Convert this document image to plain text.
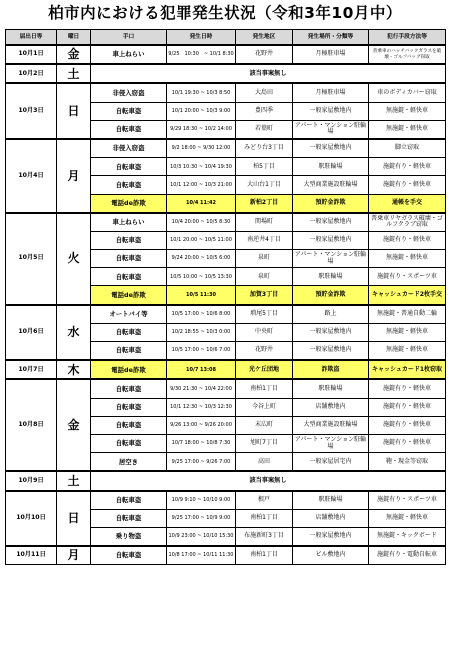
柏市内における犯罪発生状況（令和3年10月中）
届出日等	曜日	手口	発生日時	発生地区	発生場所・分類等	犯行手段方法等
10月1日	金	車上ねらい	9/25　10:30　~ 10/1 8:30	花野井	月極駐車場	普乗車のハッチバックガラスを破壊・ゴルフバッグ窃取
10月2日	土	該当事案無し				
10月3日	日	非侵入窃盗	10/1 19:30 ~ 10/3 8:50	大島田	月極駐車場	車のボディカバー窃取
		自転車盗	10/1 20:00 ~ 10/3 9:00	豊四季	一般家屋敷地内	無施錠・軽快車
		自転車盗	9/29 18:30 ~ 10/2 14:00	若葉町	アパート・マンション駐輪場	無施錠・軽快車
10月4日	月	非侵入窃盗	9/2 18:00 ~ 9/30 12:00	みどり台3丁目	一般家屋敷地内	脚立窃取
		自転車盗	10/3 10:30 ~ 10/4 19:30	柏5丁目	駅駐輪場	施錠有り・軽快車
		自転車盗	10/1 12:00 ~ 10/3 21:00	大山台1丁目	大型商業施設駐輪場	施錠有り・軽快車
		電話de詐欺	10/4 11:42	新柏2丁目	預貯金詐欺	通帳を手交
10月5日	火	車上ねらい	10/4 20:00 ~ 10/5 8:30	関場町	一般家屋敷地内	普乗車リヤガラス破壊・ゴルフクラブ窃取
		自転車盗	10/1 20:00 ~ 10/5 11:00	南逆井4丁目	一般家屋敷地内	施錠有り・軽快車
		自転車盗	9/24 20:00 ~ 10/5 6:00	泉町	アパート・マンション駐輪場	無施錠・軽快車
		自転車盗	10/5 10:00 ~ 10/5 13:30	泉町	駅駐輪場	施錠有り・スポーツ車
		電話de詐欺	10/5 11:30	加賀3丁目	預貯金詐欺	キャッシュカード2枚手交
10月6日	水	オートバイ等	10/5 17:00 ~ 10/6 8:00	増尾5丁目	路上	無施錠・普通自動二輪
		自転車盗	10/2 18:55 ~ 10/3 0:00	中央町	一般家屋敷地内	無施錠・軽快車
		自転車盗	10/5 17:00 ~ 10/6 7:00	花野井	一般家屋敷地内	無施錠・軽快車
10月7日	木	電話de詐欺	10/7 13:08	光ケ丘団地	詐欺盗	キャッシュカード1枚窃取
10月8日	金	自転車盗	9/30 21:30 ~ 10/4 22:00	南柏1丁目	駅駐輪場	施錠有り・軽快車
		自転車盗	10/1 12:30 ~ 10/3 12:30	今谷上町	店舗敷地内	施錠有り・軽快車
		自転車盗	9/26 13:00 ~ 9/26 20:00	末広町	大型商業施設駐輪場	施錠有り・軽快車
		自転車盗	10/7 18:00 ~ 10/8 7:30	旭町7丁目	アパート・マンション駐輪場	施錠有り・軽快車
		居空き	9/25 17:00 ~ 9/26 7:00	高田	一般家屋居宅内	鞄・現金等窃取
10月9日	土	該当事案無し				
10月10日	日	自転車盗	10/9 9:10 ~ 10/10 9:00	根戸	駅駐輪場	施錠有り・スポーツ車
		自転車盗	9/25 17:00 ~ 10/9 9:00	南柏1丁目	店舗敷地内	無施錠・軽快車
		乗り物盗	10/9 23:00 ~ 10/10 15:30	布施新町3丁目	一般家屋敷地内	無施錠・キックボード
10月11日	月	自転車盗	10/8 17:00 ~ 10/11 11:30	南柏1丁目	ビル敷地内	施錠有り・電動自転車
